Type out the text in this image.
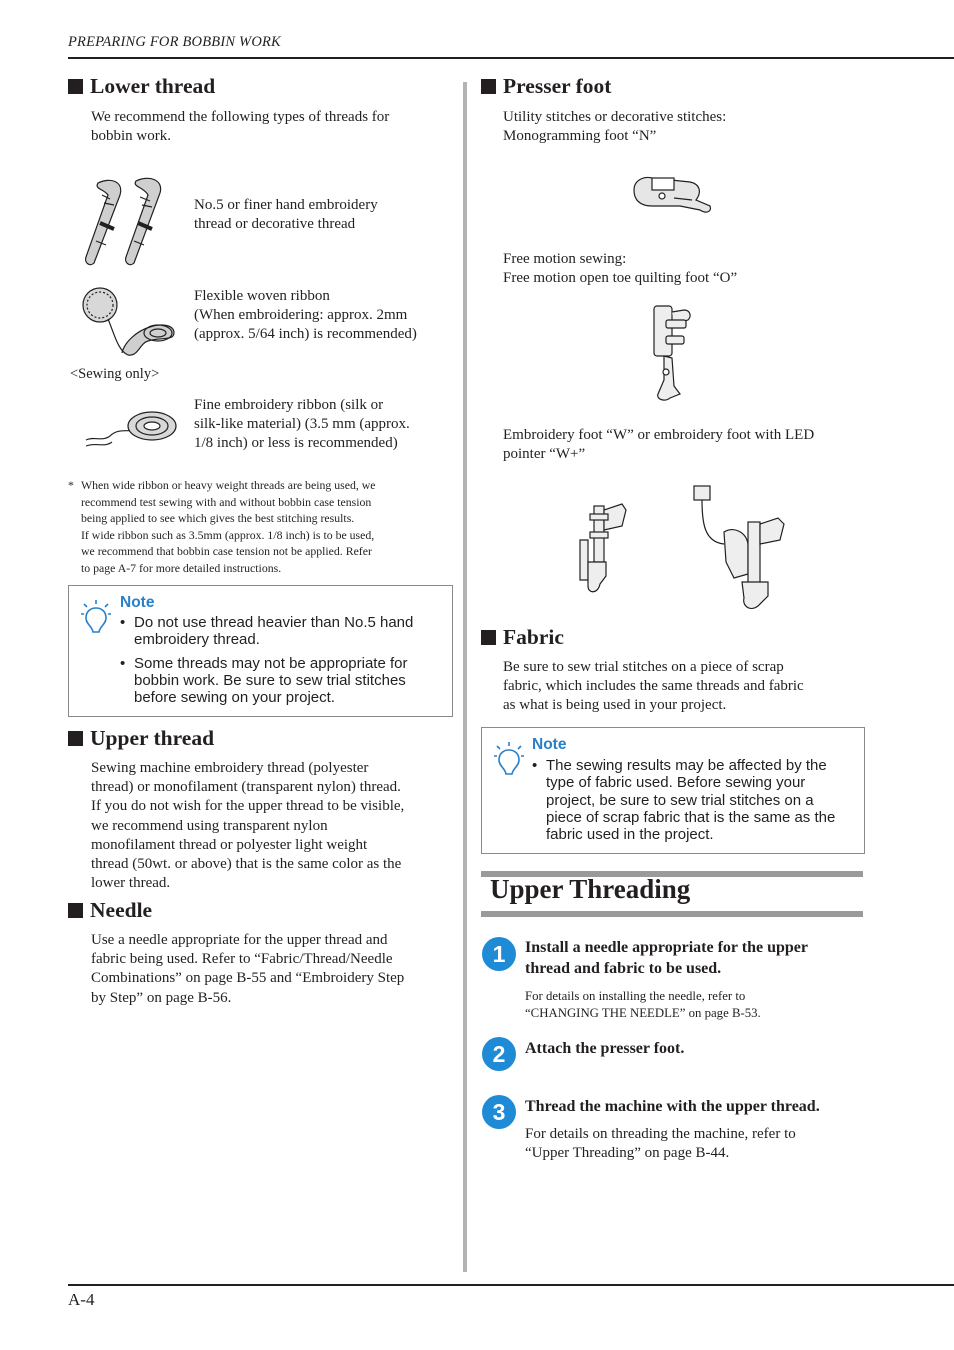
PREPARING FOR BOBBIN WORK
A-4
Lower thread
We recommend the following types of threads for
bobbin work.
No.5 or finer hand embroidery
thread or decorative thread
Flexible woven ribbon
(When embroidering: approx. 2mm
(approx. 5/64 inch) is recommended)
<Sewing only>
Fine embroidery ribbon (silk or
silk-like material) (3.5 mm (approx.
1/8 inch) or less is recommended)
* When wide ribbon or heavy weight threads are being used, we
recommend test sewing with and without bobbin case tension
being applied to see which gives the best stitching results.
If wide ribbon such as 3.5mm (approx. 1/8 inch) is to be used,
we recommend that bobbin case tension not be applied. Refer
to page A-7 for more detailed instructions.
Note
• Do not use thread heavier than No.5 hand
embroidery thread.
• Some threads may not be appropriate for
bobbin work. Be sure to sew trial stitches
before sewing on your project.
Upper thread
Sewing machine embroidery thread (polyester
thread) or monofilament (transparent nylon) thread.
If you do not wish for the upper thread to be visible,
we recommend using transparent nylon
monofilament thread or polyester light weight
thread (50wt. or above) that is the same color as the
lower thread.
Needle
Use a needle appropriate for the upper thread and
fabric being used. Refer to “Fabric/Thread/Needle
Combinations” on page B-55 and “Embroidery Step
by Step” on page B-56.
Presser foot
Utility stitches or decorative stitches:
Monogramming foot “N”
Free motion sewing:
Free motion open toe quilting foot “O”
Embroidery foot “W” or embroidery foot with LED
pointer “W+”
Fabric
Be sure to sew trial stitches on a piece of scrap
fabric, which includes the same threads and fabric
as what is being used in your project.
Note
• The sewing results may be affected by the
type of fabric used. Before sewing your
project, be sure to sew trial stitches on a
piece of scrap fabric that is the same as the
fabric used in the project.
Upper Threading
1	Install a needle appropriate for the upper
thread and fabric to be used.
For details on installing the needle, refer to
“CHANGING THE NEEDLE” on page B-53.
2	Attach the presser foot.
3	Thread the machine with the upper thread.
For details on threading the machine, refer to
“Upper Threading” on page B-44.
